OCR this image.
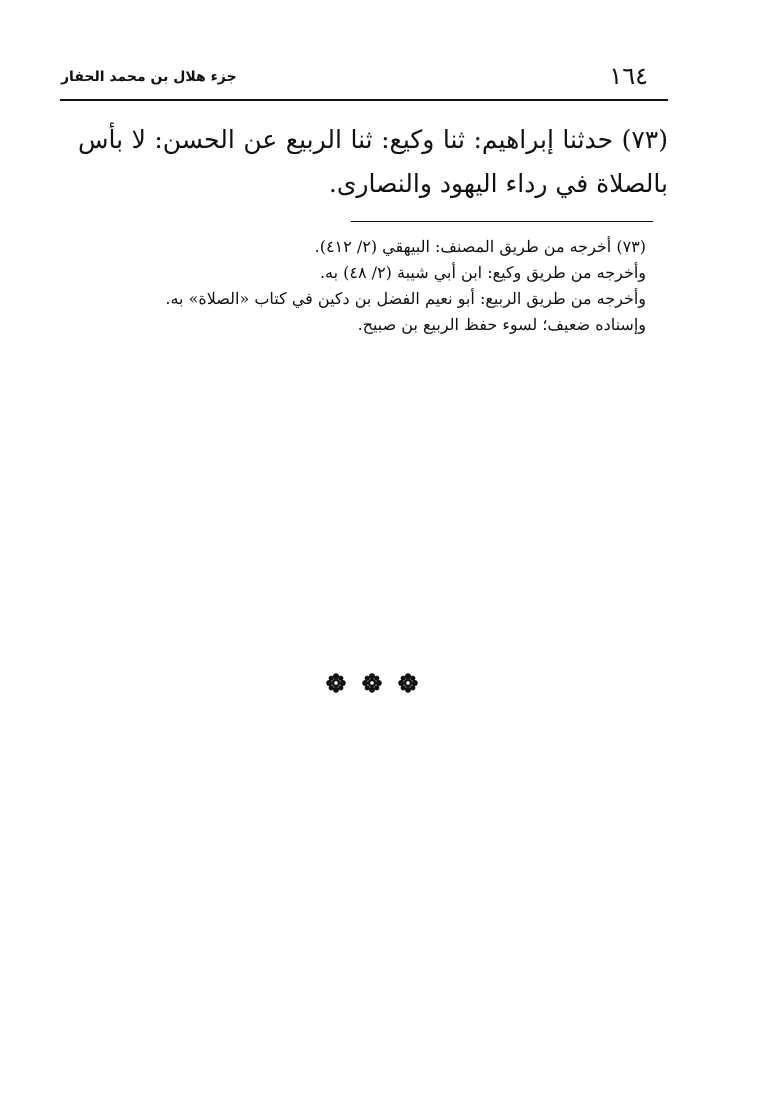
جزء هلال بن محمد الحفار	١٦٤
(٧٣) حدثنا إبراهيم: ثنا وكيع: ثنا الربيع عن الحسن: لا بأس بالصلاة في رداء اليهود والنصارى.
(٧٣) أخرجه من طريق المصنف: البيهقي (٢/ ٤١٢).
وأخرجه من طريق وكيع: ابن أبي شيبة (٢/ ٤٨) به.
وأخرجه من طريق الربيع: أبو نعيم الفضل بن دكين في كتاب «الصلاة» به.
وإسناده ضعيف؛ لسوء حفظ الربيع بن صبيح.
